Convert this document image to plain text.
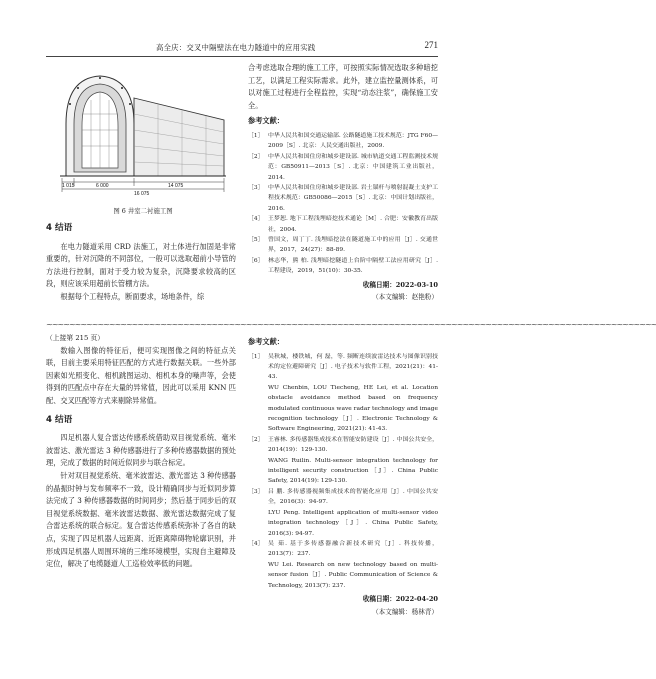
高全庆：交叉中隔壁法在电力隧道中的应用实践	271
1 015	6 000	14 075
16 075
图 6 井室二衬施工图
4 结语

在电力隧道采用 CRD 法施工，对土体进行加固是非常重要的，针对沉降的不同部位，一般可以选取超前小导管的方法进行控制，面对于受力较为复杂，沉降要求较高的区段，则应该采用超前长管棚方法。

根据每个工程特点，断面要求，场地条件，综

合考虑选取合理的施工工序，可按照实际情况选取多种暗挖工艺，以满足工程实际需求。此外，建立监控量测体系，可以对施工过程进行全程监控，实现“动态注浆”，确保施工安全。

参考文献：
［1］ 中华人民共和国交通运输部. 公路隧道施工技术规范：JTG F60—2009［S］. 北京：人民交通出版社，2009.
［2］ 中华人民共和国住房和城乡建设部. 城市轨道交通工程监测技术规范：GB50911—2013［S］. 北京：中国建筑工业出版社，2014.
［3］ 中华人民共和国住房和城乡建设部. 岩土锚杆与喷射混凝土支护工程技术规范：GB50086—2015［S］. 北京：中国计划出版社，2016.
［4］ 王梦恕. 地下工程浅埋暗挖技术通论［M］. 合肥：安徽教育出版社，2004.
［5］ 曾国文，周丁丁. 浅埋暗挖法在隧道施工中的应用［J］. 交通世界，2017，24(27)：88-89.
［6］ 林志华，熊 柏. 浅埋暗挖隧道上台阶中隔壁工法应用研究［J］. 工程建设，2019，51(10)：30-35.
收稿日期：2022-03-10
（本文编辑：赵艳粉）
~~~~~~~~~~~~~~~~~~~~~~~~~~~~~~~~~~~~~~~~~~~~~~~~~~~~~~~~~~~~~~~~~~~~~~~~~~~~~~~~~~~~~~~~~~~~~~~~~~~~~~~~~~~
（上接第 215 页）

数输入图像的特征后，便可实现图像之间的特征点关联，目前主要采用特征匹配的方式进行数据关联。一些外部因素如光照变化、相机跳图运动、相机本身的噪声等，会使得到的匹配点中存在大量的异常值，因此可以采用 KNN 匹配、交叉匹配等方式来剔除异常值。

4 结语

四足机器人复合雷达传感系统借助双目视觉系统、毫米波雷达、激光雷达 3 种传感器进行了多种传感器数据的预处理，完成了数据的时间近似同步与联合标定。

针对双目视觉系统、毫米波雷达、激光雷达 3 种传感器的晶振时钟与发布频率不一致，设计精确同步与近似同步算法完成了 3 种传感器数据的时间同步；然后基于同步后的双目视觉系统数据、毫米波雷达数据、激光雷达数据完成了复合雷达系统的联合标定。复合雷达传感系统弥补了各自的缺点，实现了四足机器人远距离、近距离障碍物轮廓识别，并形成四足机器人周围环境的三维环境模型，实现自主避障及定位，解决了电缆隧道人工巡检效率低的问题。

参考文献：
［1］ 吴秋城，楼铁城，何 磊，等. 频断连续波雷达技术与图像识别技术的定位避障研究［J］. 电子技术与软件工程，2021(21)：41-43.
WU Chenbin, LOU Tiecheng, HE Lei, et al. Location obstacle avoidance method based on frequency modulated continuous wave radar technology and image recognition technology［J］. Electronic Technology & Software Engineering, 2021(21): 41-43.
［2］ 王睿林. 多传感器集成技术在智能安防建设［J］. 中国公共安全，2014(19)：129-130.
WANG Ruilin. Multi-sensor integration technology for intelligent security construction［J］. China Public Safety, 2014(19): 129-130.
［3］ 吕 鹏. 多传感器视频集成技术的智能化应用［J］. 中国公共安全，2016(3)：94-97.
LYU Peng. Intelligent application of multi-sensor video integration technology［J］. China Public Safety, 2016(3): 94-97.
［4］ 吴 茹. 基于多传感器融合新技术研究［J］. 科技传播，2013(7)：237.
WU Lei. Research on new technology based on multi-sensor fusion［J］. Public Communication of Science & Technology, 2013(7): 237.
收稿日期：2022-04-20
（本文编辑：杨林青）
